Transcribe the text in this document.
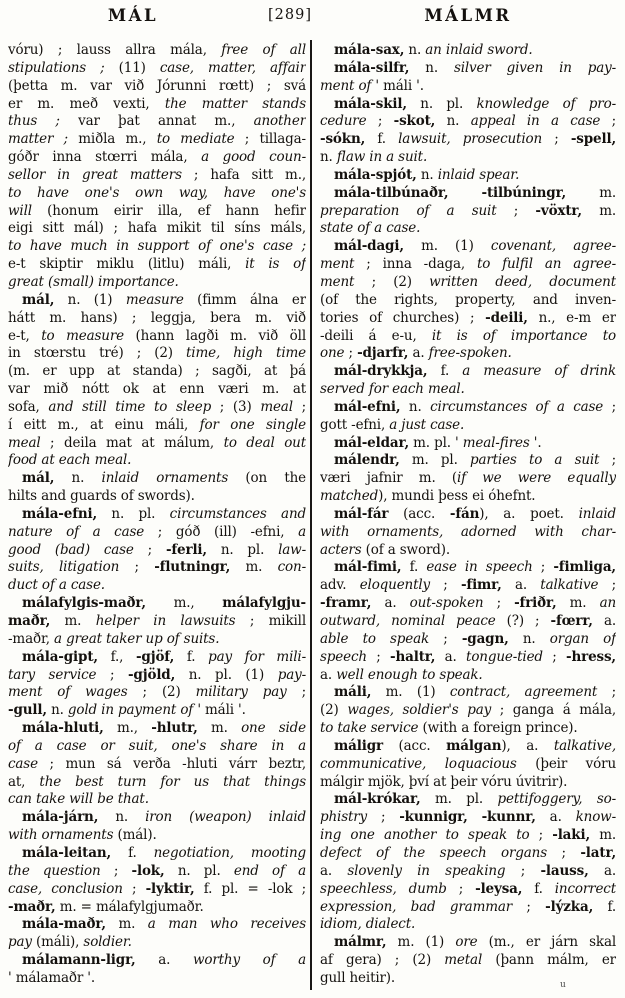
MÁL	[289]	MÁLMR
vóru) ; lauss allra mála, free of all
stipulations ; (11) case, matter, affair
(þetta m. var við Jórunni rœtt) ; svá
er m. með vexti, the matter stands
thus ; var þat annat m., another
matter ; miðla m., to mediate ; tillaga-
góðr inna stœrri mála, a good coun-
sellor in great matters ; hafa sitt m.,
to have one's own way, have one's
will (honum eirir illa, ef hann hefir
eigi sitt mál) ; hafa mikit til síns máls,
to have much in support of one's case ;
e-t skiptir miklu (litlu) máli, it is of
great (small) importance.
mál, n. (1) measure (fimm álna er
hátt m. hans) ; leggja, bera m. við
e-t, to measure (hann lagði m. við öll
in stœrstu tré) ; (2) time, high time
(m. er upp at standa) ; sagði, at þá
var mið nótt ok at enn væri m. at
sofa, and still time to sleep ; (3) meal ;
í eitt m., at einu máli, for one single
meal ; deila mat at málum, to deal out
food at each meal.
mál, n. inlaid ornaments (on the
hilts and guards of swords).
mála-efni, n. pl. circumstances and
nature of a case ; góð (ill) -efni, a
good (bad) case ; -ferli, n. pl. law-
suits, litigation ; -flutningr, m. con-
duct of a case.
málafylgis-maðr, m., málafylgju-
maðr, m. helper in lawsuits ; mikill
-maðr, a great taker up of suits.
mála-gipt, f., -gjöf, f. pay for mili-
tary service ; -gjöld, n. pl. (1) pay-
ment of wages ; (2) military pay ;
-gull, n. gold in payment of ' máli '.
mála-hluti, m., -hlutr, m. one side
of a case or suit, one's share in a
case ; mun sá verða -hluti várr beztr,
at, the best turn for us that things
can take will be that.
mála-járn, n. iron (weapon) inlaid
with ornaments (mál).
mála-leitan, f. negotiation, mooting
the question ; -lok, n. pl. end of a
case, conclusion ; -lyktir, f. pl. = -lok ;
-maðr, m. = málafylgjumaðr.
mála-maðr, m. a man who receives
pay (máli), soldier.
málamann-ligr, a. worthy of a
' málamaðr '.
mála-sax, n. an inlaid sword.
mála-silfr, n. silver given in pay-
ment of ' máli '.
mála-skil, n. pl. knowledge of pro-
cedure ; -skot, n. appeal in a case ;
-sókn, f. lawsuit, prosecution ; -spell,
n. flaw in a suit.
mála-spjót, n. inlaid spear.
mála-tilbúnaðr, -tilbúningr, m.
preparation of a suit ; -vöxtr, m.
state of a case.
mál-dagi, m. (1) covenant, agree-
ment ; inna -daga, to fulfil an agree-
ment ; (2) written deed, document
(of the rights, property, and inven-
tories of churches) ; -deili, n., e-m er
-deili á e-u, it is of importance to
one ; -djarfr, a. free-spoken.
mál-drykkja, f. a measure of drink
served for each meal.
mál-efni, n. circumstances of a case ;
gott -efni, a just case.
mál-eldar, m. pl. ' meal-fires '.
málendr, m. pl. parties to a suit ;
væri jafnir m. (if we were equally
matched), mundi þess ei óhefnt.
mál-fár (acc. -fán), a. poet. inlaid
with ornaments, adorned with char-
acters (of a sword).
mál-fimi, f. ease in speech ; -fimliga,
adv. eloquently ; -fimr, a. talkative ;
-framr, a. out-spoken ; -friðr, m. an
outward, nominal peace (?) ; -fœrr, a.
able to speak ; -gagn, n. organ of
speech ; -haltr, a. tongue-tied ; -hress,
a. well enough to speak.
máli, m. (1) contract, agreement ;
(2) wages, soldier's pay ; ganga á mála,
to take service (with a foreign prince).
máligr (acc. málgan), a. talkative,
communicative, loquacious (þeir vóru
málgir mjök, því at þeir vóru úvitrir).
mál-krókar, m. pl. pettifoggery, so-
phistry ; -kunnigr, -kunnr, a. know-
ing one another to speak to ; -laki, m.
defect of the speech organs ; -latr,
a. slovenly in speaking ; -lauss, a.
speechless, dumb ; -leysa, f. incorrect
expression, bad grammar ; -lýzka, f.
idiom, dialect.
málmr, m. (1) ore (m., er járn skal
af gera) ; (2) metal (þann málm, er
gull heitir).	u
